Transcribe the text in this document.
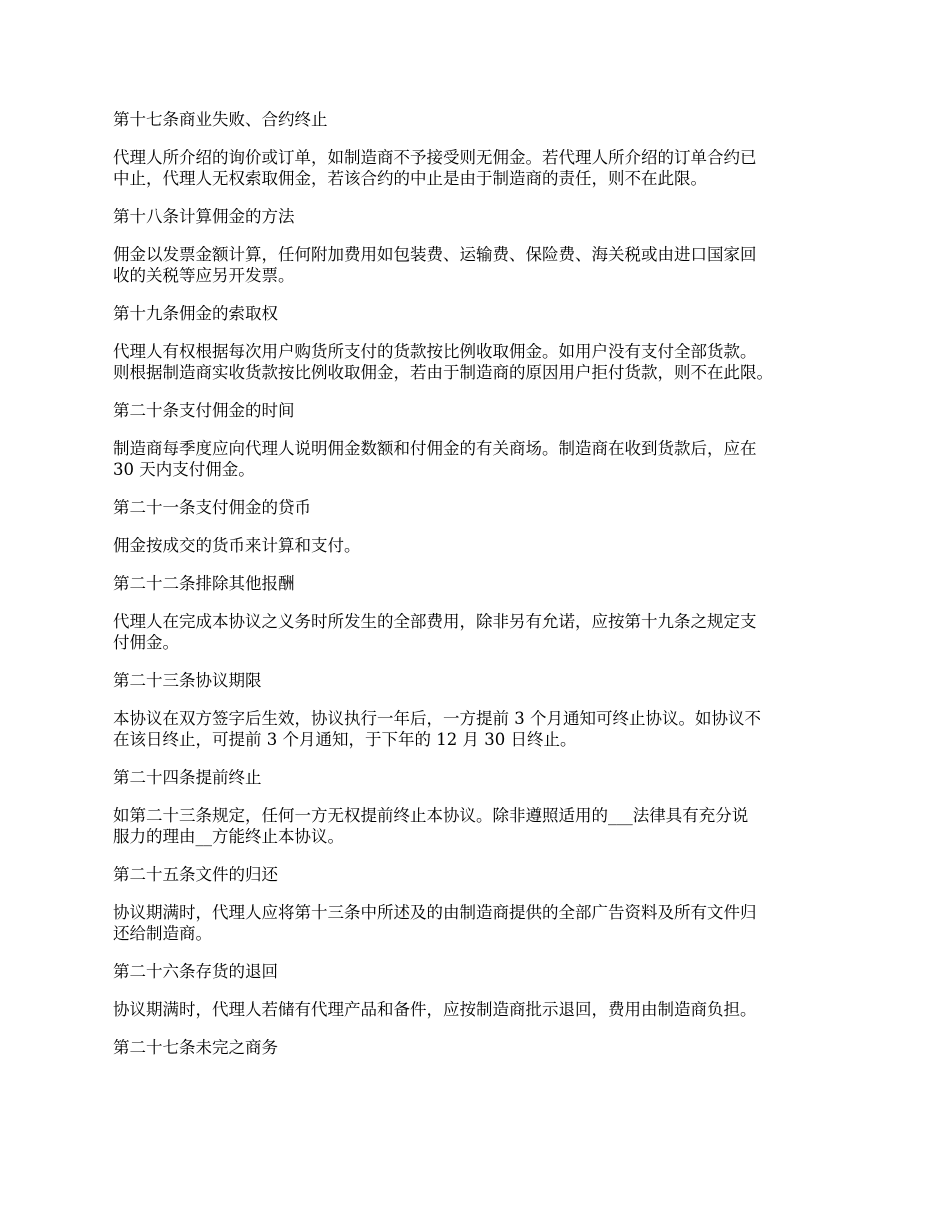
第十七条商业失败、合约终止
代理人所介绍的询价或订单，如制造商不予接受则无佣金。若代理人所介绍的订单合约已
中止，代理人无权索取佣金，若该合约的中止是由于制造商的责任，则不在此限。
第十八条计算佣金的方法
佣金以发票金额计算，任何附加费用如包装费、运输费、保险费、海关税或由进口国家回
收的关税等应另开发票。
第十九条佣金的索取权
代理人有权根据每次用户购货所支付的货款按比例收取佣金。如用户没有支付全部货款。
则根据制造商实收货款按比例收取佣金，若由于制造商的原因用户拒付货款，则不在此限。
第二十条支付佣金的时间
制造商每季度应向代理人说明佣金数额和付佣金的有关商场。制造商在收到货款后，应在
30 天内支付佣金。
第二十一条支付佣金的贷币
佣金按成交的货币来计算和支付。
第二十二条排除其他报酬
代理人在完成本协议之义务时所发生的全部费用，除非另有允诺，应按第十九条之规定支
付佣金。
第二十三条协议期限
本协议在双方签字后生效，协议执行一年后，一方提前 3 个月通知可终止协议。如协议不
在该日终止，可提前 3 个月通知，于下年的 12 月 30 日终止。
第二十四条提前终止
如第二十三条规定，任何一方无权提前终止本协议。除非遵照适用的___法律具有充分说
服力的理由__方能终止本协议。
第二十五条文件的归还
协议期满时，代理人应将第十三条中所述及的由制造商提供的全部广告资料及所有文件归
还给制造商。
第二十六条存货的退回
协议期满时，代理人若储有代理产品和备件，应按制造商批示退回，费用由制造商负担。
第二十七条未完之商务
